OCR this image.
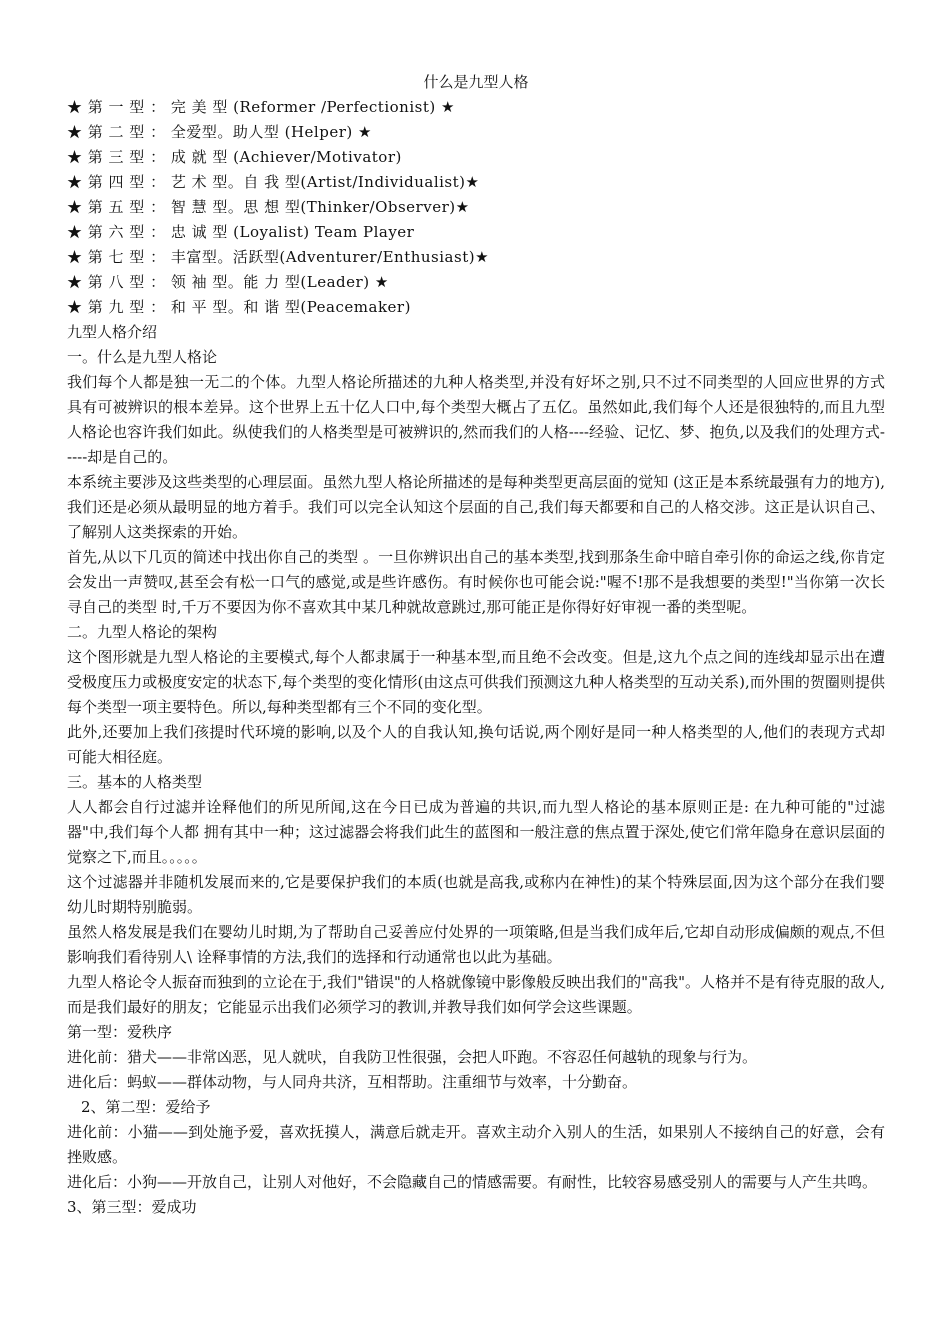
什么是九型人格
★ 第 一 型 ： 完 美 型 (Reformer /Perfectionist) ★
★ 第 二 型 ： 全爱型。助人型 (Helper) ★
★ 第 三 型 ： 成 就 型 (Achiever/Motivator)
★ 第 四 型 ： 艺 术 型。自 我 型(Artist/Individualist)★
★ 第 五 型 ： 智 慧 型。思 想 型(Thinker/Observer)★
★ 第 六 型 ： 忠 诚 型 (Loyalist) Team Player
★ 第 七 型 ： 丰富型。活跃型(Adventurer/Enthusiast)★
★ 第 八 型 ： 领 袖 型。能 力 型(Leader) ★
★ 第 九 型 ： 和 平 型。和 谐 型(Peacemaker)
九型人格介绍
一。什么是九型人格论
我们每个人都是独一无二的个体。九型人格论所描述的九种人格类型,并没有好坏之别,只不过不同类型的人回应世界的方式具有可被辨识的根本差异。这个世界上五十亿人口中,每个类型大概占了五亿。虽然如此,我们每个人还是很独特的,而且九型人格论也容许我们如此。纵使我们的人格类型是可被辨识的,然而我们的人格----经验、记忆、梦、抱负,以及我们的处理方式-----却是自己的。
本系统主要涉及这些类型的心理层面。虽然九型人格论所描述的是每种类型更高层面的觉知 (这正是本系统最强有力的地方),我们还是必须从最明显的地方着手。我们可以完全认知这个层面的自己,我们每天都要和自己的人格交涉。这正是认识自己、了解别人这类探索的开始。
首先,从以下几页的简述中找出你自己的类型 。一旦你辨识出自己的基本类型,找到那条生命中暗自牵引你的命运之线,你肯定会发出一声赞叹,甚至会有松一口气的感觉,或是些许感伤。有时候你也可能会说:"喔不!那不是我想要的类型!"当你第一次长寻自己的类型 时,千万不要因为你不喜欢其中某几种就故意跳过,那可能正是你得好好审视一番的类型呢。
二。九型人格论的架构
这个图形就是九型人格论的主要模式,每个人都隶属于一种基本型,而且绝不会改变。但是,这九个点之间的连线却显示出在遭受极度压力或极度安定的状态下,每个类型的变化情形(由这点可供我们预测这九种人格类型的互动关系),而外围的贺圈则提供每个类型一项主要特色。所以,每种类型都有三个不同的变化型。
此外,还要加上我们孩提时代环境的影响,以及个人的自我认知,换句话说,两个刚好是同一种人格类型的人,他们的表现方式却可能大相径庭。
三。基本的人格类型
人人都会自行过滤并诠释他们的所见所闻,这在今日已成为普遍的共识,而九型人格论的基本原则正是: 在九种可能的"过滤器"中,我们每个人都 拥有其中一种；这过滤器会将我们此生的蓝图和一般注意的焦点置于深处,使它们常年隐身在意识层面的觉察之下,而且。。。。。
这个过滤器并非随机发展而来的,它是要保护我们的本质(也就是高我,或称内在神性)的某个特殊层面,因为这个部分在我们婴幼儿时期特别脆弱。
虽然人格发展是我们在婴幼儿时期,为了帮助自己妥善应付处界的一项策略,但是当我们成年后,它却自动形成偏颇的观点,不但影响我们看待别人\ 诠释事情的方法,我们的选择和行动通常也以此为基础。
九型人格论令人振奋而独到的立论在于,我们"错误"的人格就像镜中影像般反映出我们的"高我"。人格并不是有待克服的敌人,而是我们最好的朋友；它能显示出我们必须学习的教训,并教导我们如何学会这些课题。
第一型：爱秩序
进化前：猎犬——非常凶恶，见人就吠，自我防卫性很强，会把人吓跑。不容忍任何越轨的现象与行为。
进化后：蚂蚁——群体动物，与人同舟共济，互相帮助。注重细节与效率，十分勤奋。
2、第二型：爱给予
进化前：小猫——到处施予爱，喜欢抚摸人，满意后就走开。喜欢主动介入别人的生活，如果别人不接纳自己的好意，会有挫败感。
进化后：小狗——开放自己，让别人对他好，不会隐藏自己的情感需要。有耐性，比较容易感受别人的需要与人产生共鸣。
3、第三型：爱成功
